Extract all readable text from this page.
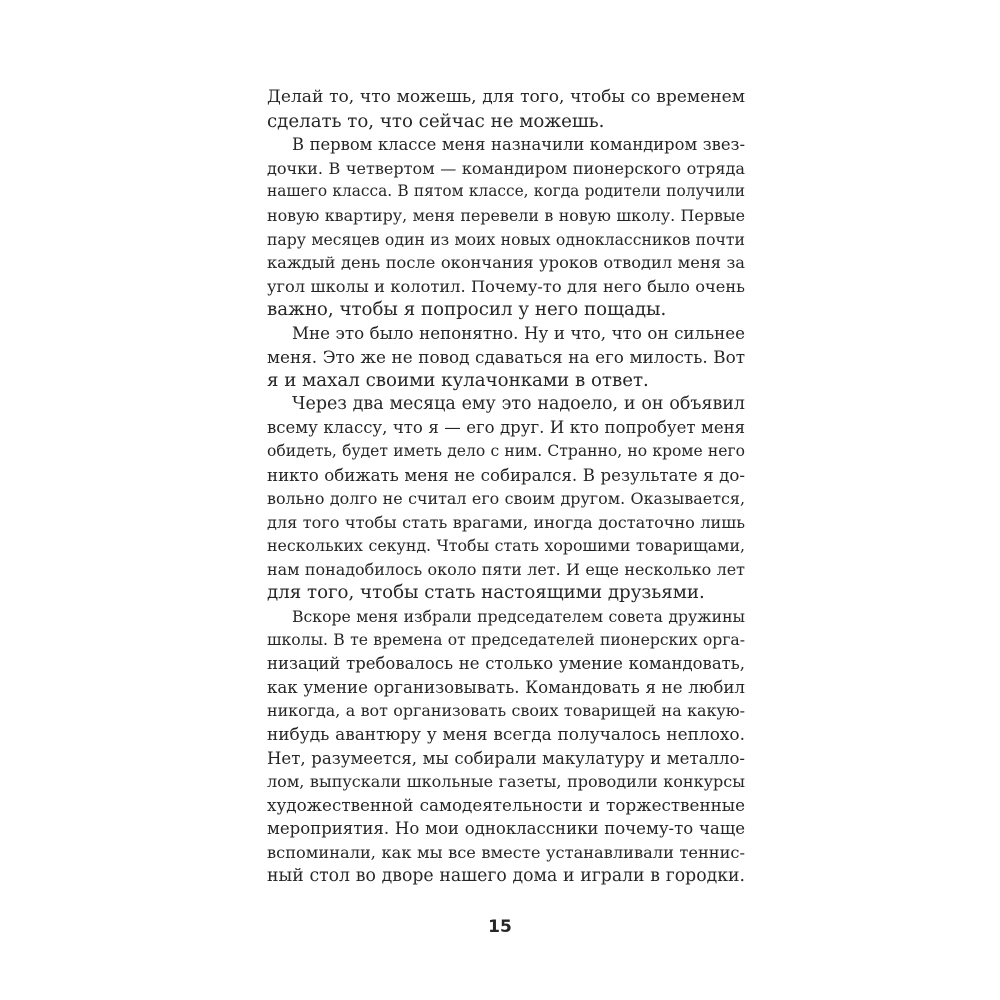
Делай то, что можешь, для того, чтобы со временем
сделать то, что сейчас не можешь.
В первом классе меня назначили командиром звез-
дочки. В четвертом — командиром пионерского отряда
нашего класса. В пятом классе, когда родители получили
новую квартиру, меня перевели в новую школу. Первые
пару месяцев один из моих новых одноклассников почти
каждый день после окончания уроков отводил меня за
угол школы и колотил. Почему-то для него было очень
важно, чтобы я попросил у него пощады.
Мне это было непонятно. Ну и что, что он сильнее
меня. Это же не повод сдаваться на его милость. Вот
я и махал своими кулачонками в ответ.
Через два месяца ему это надоело, и он объявил
всему классу, что я — его друг. И кто попробует меня
обидеть, будет иметь дело с ним. Странно, но кроме него
никто обижать меня не собирался. В результате я до-
вольно долго не считал его своим другом. Оказывается,
для того чтобы стать врагами, иногда достаточно лишь
нескольких секунд. Чтобы стать хорошими товарищами,
нам понадобилось около пяти лет. И еще несколько лет
для того, чтобы стать настоящими друзьями.
Вскоре меня избрали председателем совета дружины
школы. В те времена от председателей пионерских орга-
низаций требовалось не столько умение командовать,
как умение организовывать. Командовать я не любил
никогда, а вот организовать своих товарищей на какую-
нибудь авантюру у меня всегда получалось неплохо.
Нет, разумеется, мы собирали макулатуру и металло-
лом, выпускали школьные газеты, проводили конкурсы
художественной самодеятельности и торжественные
мероприятия. Но мои одноклассники почему-то чаще
вспоминали, как мы все вместе устанавливали теннис-
ный стол во дворе нашего дома и играли в городки.
15
